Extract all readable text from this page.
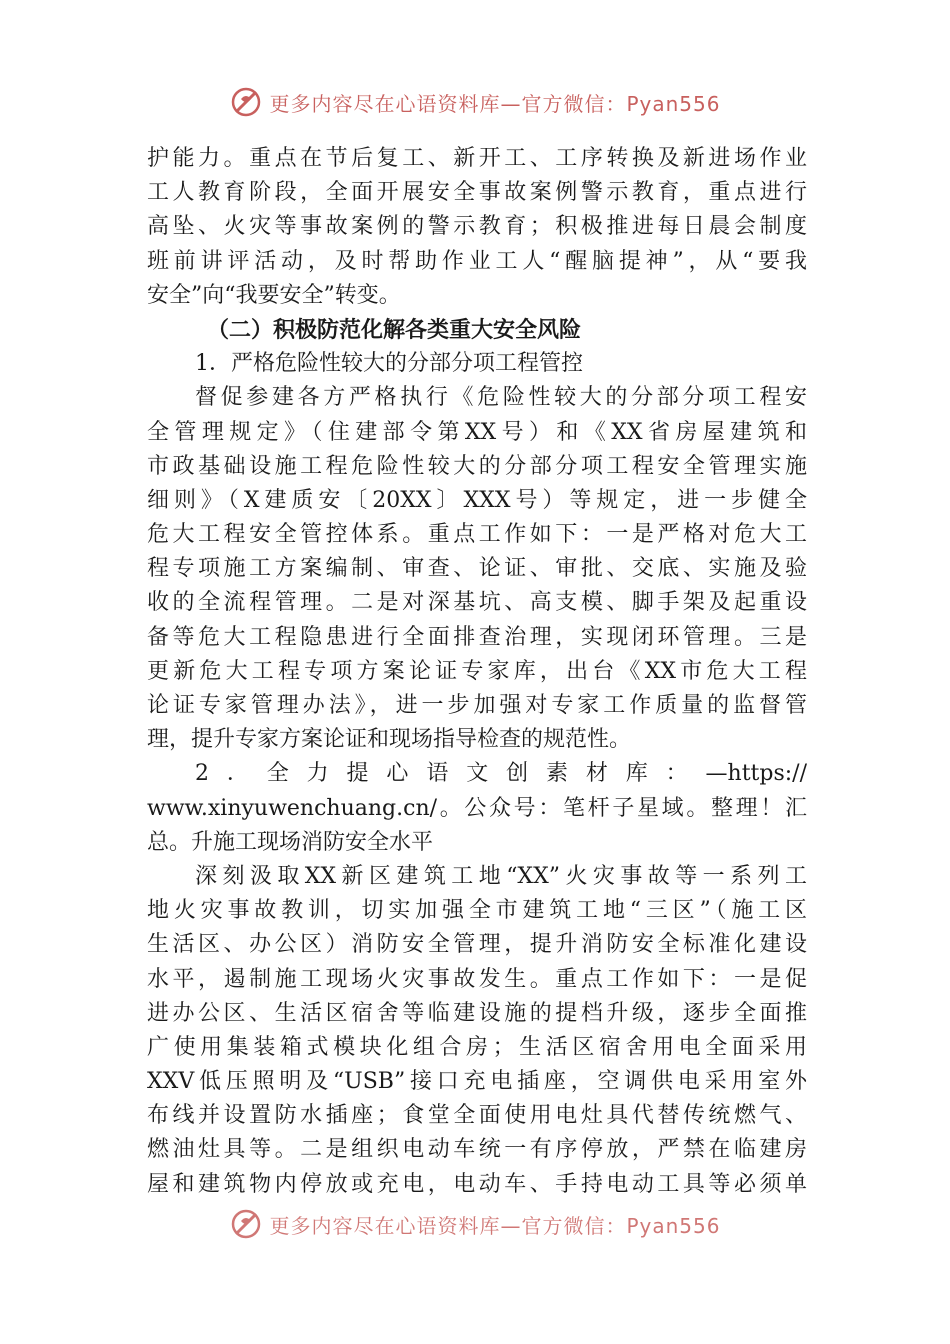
更多内容尽在心语资料库—官方微信：Pyan556
护能力。重点在节后复工、新开工、工序转换及新进场作业
工人教育阶段，全面开展安全事故案例警示教育，重点进行
高坠、火灾等事故案例的警示教育；积极推进每日晨会制度
班前讲评活动，及时帮助作业工人“醒脑提神”，从“要我
安全”向“我要安全”转变。
（二）积极防范化解各类重大安全风险
1．严格危险性较大的分部分项工程管控
督促参建各方严格执行《危险性较大的分部分项工程安
全管理规定》（住建部令第XX号）和《XX省房屋建筑和
市政基础设施工程危险性较大的分部分项工程安全管理实施
细则》（X建质安〔20XX〕XXX号）等规定，进一步健全
危大工程安全管控体系。重点工作如下：一是严格对危大工
程专项施工方案编制、审查、论证、审批、交底、实施及验
收的全流程管理。二是对深基坑、高支模、脚手架及起重设
备等危大工程隐患进行全面排查治理，实现闭环管理。三是
更新危大工程专项方案论证专家库，出台《XX市危大工程
论证专家管理办法》，进一步加强对专家工作质量的监督管
理，提升专家方案论证和现场指导检查的规范性。
2．全力提心语文创素材库：—https://
www.xinyuwenchuang.cn/。公众号：笔杆子星域。整理！汇
总。升施工现场消防安全水平
深刻汲取XX新区建筑工地“XX”火灾事故等一系列工
地火灾事故教训，切实加强全市建筑工地“三区”（施工区
生活区、办公区）消防安全管理，提升消防安全标准化建设
水平，遏制施工现场火灾事故发生。重点工作如下：一是促
进办公区、生活区宿舍等临建设施的提档升级，逐步全面推
广使用集装箱式模块化组合房；生活区宿舍用电全面采用
XXV低压照明及“USB”接口充电插座，空调供电采用室外
布线并设置防水插座；食堂全面使用电灶具代替传统燃气、
燃油灶具等。二是组织电动车统一有序停放，严禁在临建房
屋和建筑物内停放或充电，电动车、手持电动工具等必须单
更多内容尽在心语资料库—官方微信：Pyan556
